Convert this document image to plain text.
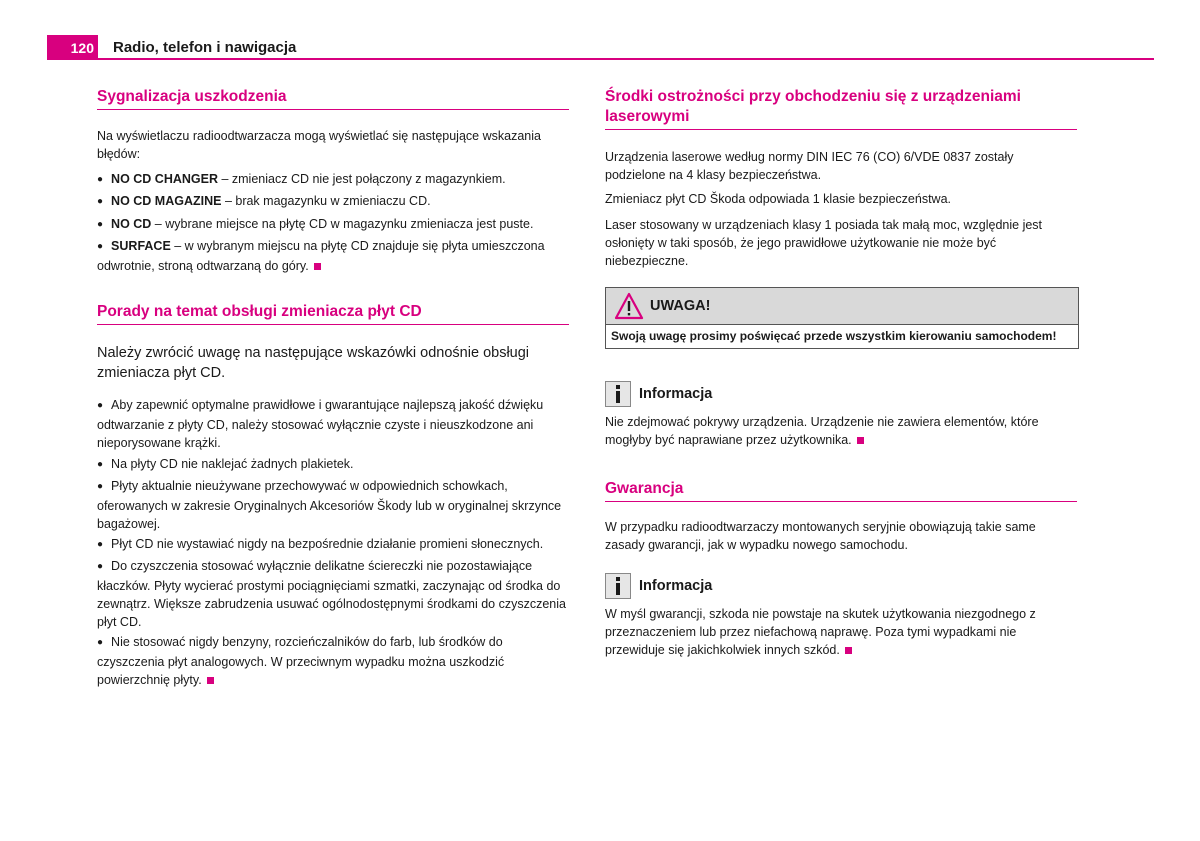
120 Radio, telefon i nawigacja
Sygnalizacja uszkodzenia

Na wyświetlaczu radioodtwarzacza mogą wyświetlać się następujące wskazania błędów:

● NO CD CHANGER – zmieniacz CD nie jest połączony z magazynkiem.

● NO CD MAGAZINE – brak magazynku w zmieniaczu CD.

● NO CD – wybrane miejsce na płytę CD w magazynku zmieniacza jest puste.

● SURFACE – w wybranym miejscu na płytę CD znajduje się płyta umieszczona odwrotnie, stroną odtwarzaną do góry.

Porady na temat obsługi zmieniacza płyt CD

Należy zwrócić uwagę na następujące wskazówki odnośnie obsługi zmieniacza płyt CD.

● Aby zapewnić optymalne prawidłowe i gwarantujące najlepszą jakość dźwięku odtwarzanie z płyty CD, należy stosować wyłącznie czyste i nieuszkodzone ani nieporysowane krążki.

● Na płyty CD nie naklejać żadnych plakietek.

● Płyty aktualnie nieużywane przechowywać w odpowiednich schowkach, oferowanych w zakresie Oryginalnych Akcesoriów Škody lub w oryginalnej skrzynce bagażowej.

● Płyt CD nie wystawiać nigdy na bezpośrednie działanie promieni słonecznych.

● Do czyszczenia stosować wyłącznie delikatne ściereczki nie pozostawiające kłaczków. Płyty wycierać prostymi pociągnięciami szmatki, zaczynając od środka do zewnątrz. Większe zabrudzenia usuwać ogólnodostępnymi środkami do czyszczenia płyt CD.

● Nie stosować nigdy benzyny, rozcieńczalników do farb, lub środków do czyszczenia płyt analogowych. W przeciwnym wypadku można uszkodzić powierzchnię płyty.

Środki ostrożności przy obchodzeniu się z urządzeniami laserowymi

Urządzenia laserowe według normy DIN IEC 76 (CO) 6/VDE 0837 zostały podzielone na 4 klasy bezpieczeństwa.

Zmieniacz płyt CD Škoda odpowiada 1 klasie bezpieczeństwa.

Laser stosowany w urządzeniach klasy 1 posiada tak małą moc, względnie jest osłonięty w taki sposób, że jego prawidłowe użytkowanie nie może być niebezpieczne.

UWAGA!
Swoją uwagę prosimy poświęcać przede wszystkim kierowaniu samochodem!
Informacja

Nie zdejmować pokrywy urządzenia. Urządzenie nie zawiera elementów, które mogłyby być naprawiane przez użytkownika.

Gwarancja

W przypadku radioodtwarzaczy montowanych seryjnie obowiązują takie same zasady gwarancji, jak w wypadku nowego samochodu.

Informacja

W myśl gwarancji, szkoda nie powstaje na skutek użytkowania niezgodnego z przeznaczeniem lub przez niefachową naprawę. Poza tymi wypadkami nie przewiduje się jakichkolwiek innych szkód.
